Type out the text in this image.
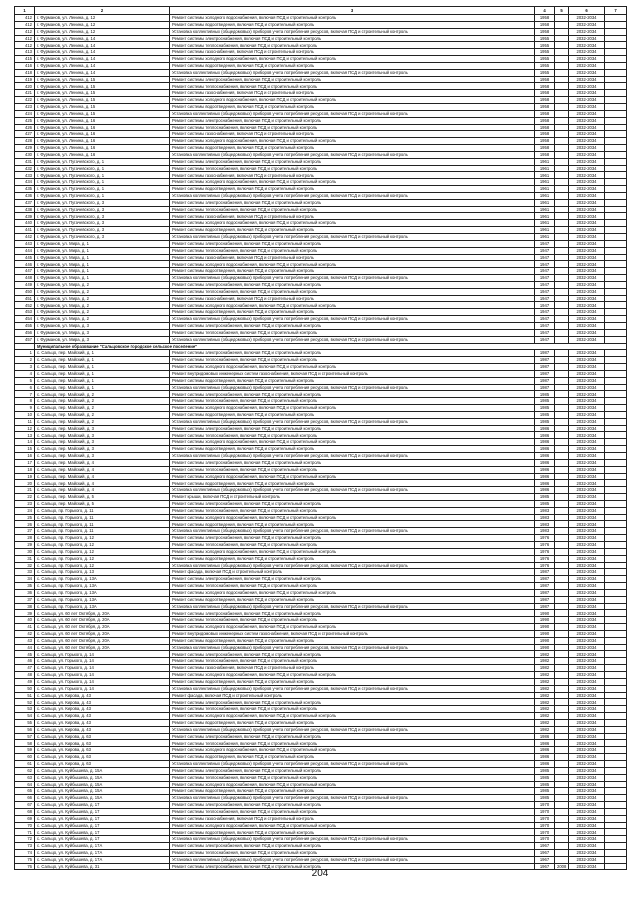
1	2	3	4	5	6	7
412	г. Фурманов, ул. Ленина, д. 12	Ремонт системы холодного водоснабжения, включая ПСД и строительный контроль	1958		2032-2034	
412	г. Фурманов, ул. Ленина, д. 12	Ремонт системы водоотведения, включая ПСД и строительный контроль	1958		2032-2034	
412	г. Фурманов, ул. Ленина, д. 12	Установка коллективных (общедомовых) приборов учета потребления ресурсов, включая ПСД и строительный контроль	1958		2032-2034	
412	г. Фурманов, ул. Ленина, д. 14	Ремонт системы электроснабжения, включая ПСД и строительный контроль	1955		2032-2034	
412	г. Фурманов, ул. Ленина, д. 14	Ремонт системы теплоснабжения, включая ПСД и строительный контроль	1955		2032-2034	
413	г. Фурманов, ул. Ленина, д. 14	Ремонт системы газоснабжения, включая ПСД и строительный контроль	1955		2032-2034	
415	г. Фурманов, ул. Ленина, д. 14	Ремонт системы холодного водоснабжения, включая ПСД и строительный контроль	1955		2032-2034	
416	г. Фурманов, ул. Ленина, д. 14	Ремонт системы водоотведения, включая ПСД и строительный контроль	1955		2032-2034	
418	г. Фурманов, ул. Ленина, д. 14	Установка коллективных (общедомовых) приборов учета потребления ресурсов, включая ПСД и строительный контроль	1955		2032-2034	
419	г. Фурманов, ул. Ленина, д. 15	Ремонт системы электроснабжения, включая ПСД и строительный контроль	1958		2032-2034	
420	г. Фурманов, ул. Ленина, д. 15	Ремонт системы теплоснабжения, включая ПСД и строительный контроль	1958		2032-2034	
421	г. Фурманов, ул. Ленина, д. 15	Ремонт системы газоснабжения, включая ПСД и строительный контроль	1958		2032-2034	
422	г. Фурманов, ул. Ленина, д. 15	Ремонт системы холодного водоснабжения, включая ПСД и строительный контроль	1958		2032-2034	
423	г. Фурманов, ул. Ленина, д. 15	Ремонт системы водоотведения, включая ПСД и строительный контроль	1958		2032-2034	
424	г. Фурманов, ул. Ленина, д. 15	Установка коллективных (общедомовых) приборов учета потребления ресурсов, включая ПСД и строительный контроль	1958		2032-2034	
425	г. Фурманов, ул. Ленина, д. 16	Ремонт системы электроснабжения, включая ПСД и строительный контроль	1958		2032-2034	
426	г. Фурманов, ул. Ленина, д. 16	Ремонт системы теплоснабжения, включая ПСД и строительный контроль	1958		2032-2034	
427	г. Фурманов, ул. Ленина, д. 16	Ремонт системы газоснабжения, включая ПСД и строительный контроль	1958		2032-2034	
428	г. Фурманов, ул. Ленина, д. 16	Ремонт системы холодного водоснабжения, включая ПСД и строительный контроль	1958		2032-2034	
429	г. Фурманов, ул. Ленина, д. 16	Ремонт системы водоотведения, включая ПСД и строительный контроль	1958		2032-2034	
430	г. Фурманов, ул. Ленина, д. 16	Установка коллективных (общедомовых) приборов учета потребления ресурсов, включая ПСД и строительный контроль	1958		2032-2034	
431	г. Фурманов, ул. Пугачевского, д. 1	Ремонт системы электроснабжения, включая ПСД и строительный контроль	1961		2032-2034	
432	г. Фурманов, ул. Пугачевского, д. 1	Ремонт системы теплоснабжения, включая ПСД и строительный контроль	1961		2032-2034	
433	г. Фурманов, ул. Пугачевского, д. 1	Ремонт системы газоснабжения, включая ПСД и строительный контроль	1961		2032-2034	
434	г. Фурманов, ул. Пугачевского, д. 1	Ремонт системы холодного водоснабжения, включая ПСД и строительный контроль	1961		2032-2034	
435	г. Фурманов, ул. Пугачевского, д. 1	Ремонт системы водоотведения, включая ПСД и строительный контроль	1961		2032-2034	
436	г. Фурманов, ул. Пугачевского, д. 1	Установка коллективных (общедомовых) приборов учета потребления ресурсов, включая ПСД и строительный контроль	1961		2032-2034	
437	г. Фурманов, ул. Пугачевского, д. 3	Ремонт системы электроснабжения, включая ПСД и строительный контроль	1961		2032-2034	
438	г. Фурманов, ул. Пугачевского, д. 3	Ремонт системы теплоснабжения, включая ПСД и строительный контроль	1961		2032-2034	
439	г. Фурманов, ул. Пугачевского, д. 3	Ремонт системы газоснабжения, включая ПСД и строительный контроль	1961		2032-2034	
440	г. Фурманов, ул. Пугачевского, д. 3	Ремонт системы холодного водоснабжения, включая ПСД и строительный контроль	1961		2032-2034	
441	г. Фурманов, ул. Пугачевского, д. 3	Ремонт системы водоотведения, включая ПСД и строительный контроль	1961		2032-2034	
442	г. Фурманов, ул. Пугачевского, д. 3	Установка коллективных (общедомовых) приборов учета потребления ресурсов, включая ПСД и строительный контроль	1961		2032-2034	
443	г. Фурманов, ул. Мира, д. 1	Ремонт системы электроснабжения, включая ПСД и строительный контроль	1947		2032-2034	
444	г. Фурманов, ул. Мира, д. 1	Ремонт системы теплоснабжения, включая ПСД и строительный контроль	1947		2032-2034	
445	г. Фурманов, ул. Мира, д. 1	Ремонт системы газоснабжения, включая ПСД и строительный контроль	1947		2032-2034	
446	г. Фурманов, ул. Мира, д. 1	Ремонт системы холодного водоснабжения, включая ПСД и строительный контроль	1947		2032-2034	
447	г. Фурманов, ул. Мира, д. 1	Ремонт системы водоотведения, включая ПСД и строительный контроль	1947		2032-2034	
448	г. Фурманов, ул. Мира, д. 1	Установка коллективных (общедомовых) приборов учета потребления ресурсов, включая ПСД и строительный контроль	1947		2032-2034	
449	г. Фурманов, ул. Мира, д. 2	Ремонт системы электроснабжения, включая ПСД и строительный контроль	1947		2032-2034	
450	г. Фурманов, ул. Мира, д. 2	Ремонт системы теплоснабжения, включая ПСД и строительный контроль	1947		2032-2034	
451	г. Фурманов, ул. Мира, д. 2	Ремонт системы газоснабжения, включая ПСД и строительный контроль	1947		2032-2034	
452	г. Фурманов, ул. Мира, д. 2	Ремонт системы холодного водоснабжения, включая ПСД и строительный контроль	1947		2032-2034	
453	г. Фурманов, ул. Мира, д. 2	Ремонт системы водоотведения, включая ПСД и строительный контроль	1947		2032-2034	
454	г. Фурманов, ул. Мира, д. 2	Установка коллективных (общедомовых) приборов учета потребления ресурсов, включая ПСД и строительный контроль	1947		2032-2034	
455	г. Фурманов, ул. Мира, д. 3	Ремонт системы электроснабжения, включая ПСД и строительный контроль	1947		2032-2034	
456	г. Фурманов, ул. Мира, д. 3	Ремонт системы теплоснабжения, включая ПСД и строительный контроль	1947		2032-2034	
457	г. Фурманов, ул. Мира, д. 3	Установка коллективных (общедомовых) приборов учета потребления ресурсов, включая ПСД и строительный контроль	1947		2032-2034	
	Муниципальное образование "Сальцовское городское сельское поселение"					
1	с. Сальцо, пер. Майский, д. 1	Ремонт системы электроснабжения, включая ПСД и строительный контроль	1987		2032-2034	
2	с. Сальцо, пер. Майский, д. 1	Ремонт системы теплоснабжения, включая ПСД и строительный контроль	1987		2032-2034	
3	с. Сальцо, пер. Майский, д. 1	Ремонт системы холодного водоснабжения, включая ПСД и строительный контроль	1987		2032-2034	
4	с. Сальцо, пер. Майский, д. 1	Ремонт внутридомовых инженерных систем газоснабжения, включая ПСД и строительный контроль	1987		2032-2034	
5	с. Сальцо, пер. Майский, д. 1	Ремонт системы водоотведения, включая ПСД и строительный контроль	1987		2032-2034	
6	с. Сальцо, пер. Майский, д. 1	Установка коллективных (общедомовых) приборов учета потребления ресурсов, включая ПСД и строительный контроль	1987		2032-2034	
7	с. Сальцо, пер. Майский, д. 2	Ремонт системы электроснабжения, включая ПСД и строительный контроль	1985		2032-2034	
8	с. Сальцо, пер. Майский, д. 2	Ремонт системы теплоснабжения, включая ПСД и строительный контроль	1985		2032-2034	
9	с. Сальцо, пер. Майский, д. 2	Ремонт системы холодного водоснабжения, включая ПСД и строительный контроль	1985		2032-2034	
10	с. Сальцо, пер. Майский, д. 2	Ремонт системы водоотведения, включая ПСД и строительный контроль	1985		2032-2034	
11	с. Сальцо, пер. Майский, д. 2	Установка коллективных (общедомовых) приборов учета потребления ресурсов, включая ПСД и строительный контроль	1985		2032-2034	
12	с. Сальцо, пер. Майский, д. 3	Ремонт системы электроснабжения, включая ПСД и строительный контроль	1986		2032-2034	
13	с. Сальцо, пер. Майский, д. 3	Ремонт системы теплоснабжения, включая ПСД и строительный контроль	1986		2032-2034	
14	с. Сальцо, пер. Майский, д. 3	Ремонт системы холодного водоснабжения, включая ПСД и строительный контроль	1986		2032-2034	
15	с. Сальцо, пер. Майский, д. 3	Ремонт системы водоотведения, включая ПСД и строительный контроль	1986		2032-2034	
16	с. Сальцо, пер. Майский, д. 3	Установка коллективных (общедомовых) приборов учета потребления ресурсов, включая ПСД и строительный контроль	1986		2032-2034	
17	с. Сальцо, пер. Майский, д. 4	Ремонт системы электроснабжения, включая ПСД и строительный контроль	1986		2032-2034	
18	с. Сальцо, пер. Майский, д. 4	Ремонт системы теплоснабжения, включая ПСД и строительный контроль	1986		2032-2034	
19	с. Сальцо, пер. Майский, д. 4	Ремонт системы холодного водоснабжения, включая ПСД и строительный контроль	1986		2032-2034	
20	с. Сальцо, пер. Майский, д. 4	Ремонт системы водоотведения, включая ПСД и строительный контроль	1986		2032-2034	
21	с. Сальцо, пер. Майский, д. 4	Установка коллективных (общедомовых) приборов учета потребления ресурсов, включая ПСД и строительный контроль	1986		2032-2034	
22	с. Сальцо, пер. Майский, д. 5	Ремонт крыши, включая ПСД и строительный контроль	1985		2032-2034	
23	с. Сальцо, пер. Майский, д. 5	Ремонт системы электроснабжения, включая ПСД и строительный контроль	1985		2032-2034	
24	с. Сальцо, пр. Горького, д. 11	Ремонт системы теплоснабжения, включая ПСД и строительный контроль	1983		2032-2034	
25	с. Сальцо, пр. Горького, д. 11	Ремонт системы холодного водоснабжения, включая ПСД и строительный контроль	1983		2032-2034	
26	с. Сальцо, пр. Горького, д. 11	Ремонт системы водоотведения, включая ПСД и строительный контроль	1983		2032-2034	
27	с. Сальцо, пр. Горького, д. 11	Установка коллективных (общедомовых) приборов учета потребления ресурсов, включая ПСД и строительный контроль	1983		2032-2034	
28	с. Сальцо, пр. Горького, д. 12	Ремонт системы электроснабжения, включая ПСД и строительный контроль	1976		2032-2034	
29	с. Сальцо, пр. Горького, д. 12	Ремонт системы теплоснабжения, включая ПСД и строительный контроль	1976		2032-2034	
30	с. Сальцо, пр. Горького, д. 12	Ремонт системы холодного водоснабжения, включая ПСД и строительный контроль	1976		2032-2034	
31	с. Сальцо, пр. Горького, д. 12	Ремонт системы водоотведения, включая ПСД и строительный контроль	1976		2032-2034	
32	с. Сальцо, пр. Горького, д. 12	Установка коллективных (общедомовых) приборов учета потребления ресурсов, включая ПСД и строительный контроль	1976		2032-2034	
33	с. Сальцо, пр. Горького, д. 13	Ремонт фасада, включая ПСД и строительный контроль	1987		2032-2034	
34	с. Сальцо, пр. Горького, д. 13А	Ремонт системы электроснабжения, включая ПСД и строительный контроль	1987		2032-2034	
35	с. Сальцо, пр. Горького, д. 13А	Ремонт системы теплоснабжения, включая ПСД и строительный контроль	1987		2032-2034	
36	с. Сальцо, пр. Горького, д. 13А	Ремонт системы холодного водоснабжения, включая ПСД и строительный контроль	1987		2032-2034	
37	с. Сальцо, пр. Горького, д. 13А	Ремонт системы водоотведения, включая ПСД и строительный контроль	1987		2032-2034	
38	с. Сальцо, пр. Горького, д. 13А	Установка коллективных (общедомовых) приборов учета потребления ресурсов, включая ПСД и строительный контроль	1987		2032-2034	
39	с. Сальцо, ул. 60 лет Октября, д. 20А	Ремонт системы электроснабжения, включая ПСД и строительный контроль	1990		2032-2034	
40	с. Сальцо, ул. 60 лет Октября, д. 20А	Ремонт системы теплоснабжения, включая ПСД и строительный контроль	1990		2032-2034	
41	с. Сальцо, ул. 60 лет Октября, д. 20А	Ремонт системы холодного водоснабжения, включая ПСД и строительный контроль	1990		2032-2034	
42	с. Сальцо, ул. 60 лет Октября, д. 20А	Ремонт внутридомовых инженерных систем газоснабжения, включая ПСД и строительный контроль	1990		2032-2034	
43	с. Сальцо, ул. 60 лет Октября, д. 20А	Ремонт системы водоотведения, включая ПСД и строительный контроль	1990		2032-2034	
44	с. Сальцо, ул. 60 лет Октября, д. 20А	Установка коллективных (общедомовых) приборов учета потребления ресурсов, включая ПСД и строительный контроль	1990		2032-2034	
45	с. Сальцо, ул. Горького, д. 14	Ремонт системы электроснабжения, включая ПСД и строительный контроль	1982		2032-2034	
46	с. Сальцо, ул. Горького, д. 14	Ремонт системы теплоснабжения, включая ПСД и строительный контроль	1982		2032-2034	
47	с. Сальцо, ул. Горького, д. 14	Ремонт системы газоснабжения, включая ПСД и строительный контроль	1982		2032-2034	
48	с. Сальцо, ул. Горького, д. 14	Ремонт системы холодного водоснабжения, включая ПСД и строительный контроль	1982		2032-2034	
49	с. Сальцо, ул. Горького, д. 14	Ремонт системы водоотведения, включая ПСД и строительный контроль	1982		2032-2034	
50	с. Сальцо, ул. Горького, д. 14	Установка коллективных (общедомовых) приборов учета потребления ресурсов, включая ПСД и строительный контроль	1982		2032-2034	
51	с. Сальцо, ул. Кирова, д. 43	Ремонт фасада, включая ПСД и строительный контроль	1982		2032-2034	
52	с. Сальцо, ул. Кирова, д. 43	Ремонт системы электроснабжения, включая ПСД и строительный контроль	1982		2032-2034	
53	с. Сальцо, ул. Кирова, д. 43	Ремонт системы теплоснабжения, включая ПСД и строительный контроль	1982		2032-2034	
54	с. Сальцо, ул. Кирова, д. 43	Ремонт системы холодного водоснабжения, включая ПСД и строительный контроль	1982		2032-2034	
55	с. Сальцо, ул. Кирова, д. 43	Ремонт системы водоотведения, включая ПСД и строительный контроль	1982		2032-2034	
56	с. Сальцо, ул. Кирова, д. 43	Установка коллективных (общедомовых) приборов учета потребления ресурсов, включая ПСД и строительный контроль	1982		2032-2034	
57	с. Сальцо, ул. Кирова, д. 63	Ремонт системы электроснабжения, включая ПСД и строительный контроль	1986		2032-2034	
58	с. Сальцо, ул. Кирова, д. 63	Ремонт системы теплоснабжения, включая ПСД и строительный контроль	1986		2032-2034	
59	с. Сальцо, ул. Кирова, д. 63	Ремонт системы холодного водоснабжения, включая ПСД и строительный контроль	1986		2032-2034	
60	с. Сальцо, ул. Кирова, д. 63	Ремонт системы водоотведения, включая ПСД и строительный контроль	1986		2032-2034	
61	с. Сальцо, ул. Кирова, д. 63	Установка коллективных (общедомовых) приборов учета потребления ресурсов, включая ПСД и строительный контроль	1986		2032-2034	
62	с. Сальцо, ул. Куйбышева, д. 15А	Ремонт системы электроснабжения, включая ПСД и строительный контроль	1985		2032-2034	
63	с. Сальцо, ул. Куйбышева, д. 15А	Ремонт системы теплоснабжения, включая ПСД и строительный контроль	1985		2032-2034	
64	с. Сальцо, ул. Куйбышева, д. 15А	Ремонт системы холодного водоснабжения, включая ПСД и строительный контроль	1985		2032-2034	
65	с. Сальцо, ул. Куйбышева, д. 15А	Ремонт системы водоотведения, включая ПСД и строительный контроль	1985		2032-2034	
66	с. Сальцо, ул. Куйбышева, д. 15А	Установка коллективных (общедомовых) приборов учета потребления ресурсов, включая ПСД и строительный контроль	1985		2032-2034	
67	с. Сальцо, ул. Куйбышева, д. 17	Ремонт системы электроснабжения, включая ПСД и строительный контроль	1970		2032-2034	
68	с. Сальцо, ул. Куйбышева, д. 17	Ремонт системы теплоснабжения, включая ПСД и строительный контроль	1970		2032-2034	
69	с. Сальцо, ул. Куйбышева, д. 17	Ремонт системы газоснабжения, включая ПСД и строительный контроль	1970		2032-2034	
70	с. Сальцо, ул. Куйбышева, д. 17	Ремонт системы холодного водоснабжения, включая ПСД и строительный контроль	1970		2032-2034	
71	с. Сальцо, ул. Куйбышева, д. 17	Ремонт системы водоотведения, включая ПСД и строительный контроль	1970		2032-2034	
72	с. Сальцо, ул. Куйбышева, д. 17	Установка коллективных (общедомовых) приборов учета потребления ресурсов, включая ПСД и строительный контроль	1970		2032-2034	
73	с. Сальцо, ул. Куйбышева, д. 17А	Ремонт системы электроснабжения, включая ПСД и строительный контроль	1967		2032-2034	
74	с. Сальцо, ул. Куйбышева, д. 17А	Ремонт системы теплоснабжения, включая ПСД и строительный контроль	1967		2032-2034	
75	с. Сальцо, ул. Куйбышева, д. 17А	Установка коллективных (общедомовых) приборов учета потребления ресурсов, включая ПСД и строительный контроль	1967		2032-2034	
76	с. Сальцо, ул. Куйбышева, д. 31	Ремонт системы электроснабжения, включая ПСД и строительный контроль	1967	2008	2032-2034	
204
